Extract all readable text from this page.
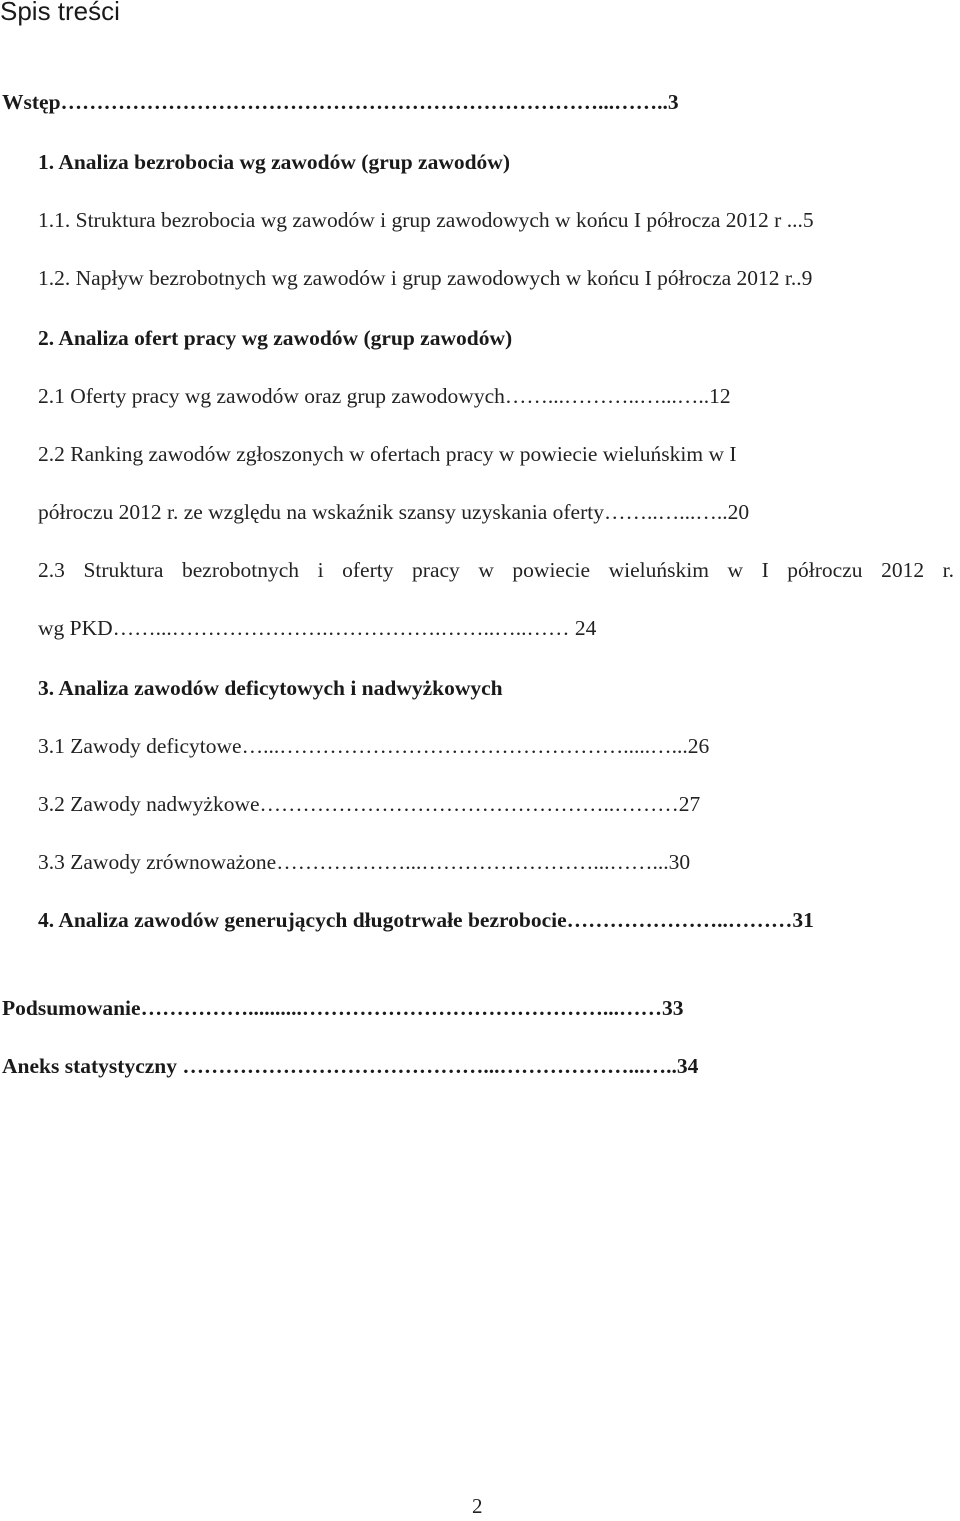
Spis treści
Wstęp…………………………………………………………………...……..3
1. Analiza bezrobocia wg zawodów (grup zawodów)
1.1. Struktura bezrobocia wg zawodów i grup zawodowych w końcu I półrocza 2012 r ...5
1.2. Napływ bezrobotnych wg zawodów i grup zawodowych w końcu I półrocza 2012 r..9
2. Analiza ofert pracy wg zawodów (grup zawodów)
2.1 Oferty pracy wg zawodów oraz grup zawodowych……...………..…...…..12
2.2 Ranking zawodów zgłoszonych w ofertach pracy w powiecie wieluńskim w I
półroczu 2012 r. ze względu na wskaźnik szansy uzyskania oferty……..…...…..20
2.3 Struktura bezrobotnych i oferty pracy w powiecie wieluńskim w I półroczu 2012 r.
wg PKD……...………………….…………….……..…..…… 24
3. Analiza zawodów deficytowych i nadwyżkowych
3.1 Zawody deficytowe…...………………………………………….....…...26
3.2 Zawody nadwyżkowe…………………………………………..………27
3.3 Zawody zrównoważone………………...……………………...……...30
4. Analiza zawodów generujących długotrwałe bezrobocie…………………..………31
Podsumowanie……………..........……………………………………...……33
Aneks statystyczny ……………………………………...………………...…..34
2
